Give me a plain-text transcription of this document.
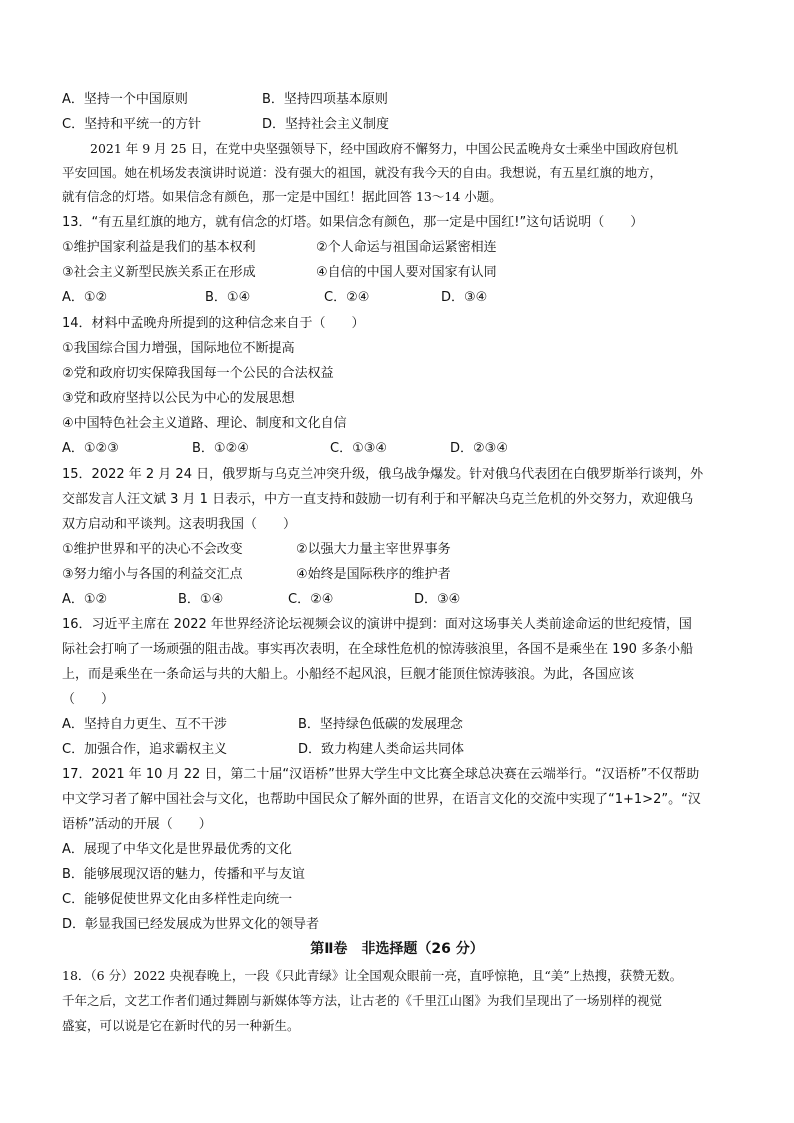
A．坚持一个中国原则	B．坚持四项基本原则
C．坚持和平统一的方针	D．坚持社会主义制度
2021 年 9 月 25 日，在党中央坚强领导下，经中国政府不懈努力，中国公民孟晚舟女士乘坐中国政府包机
平安回国。她在机场发表演讲时说道：没有强大的祖国，就没有我今天的自由。我想说，有五星红旗的地方，
就有信念的灯塔。如果信念有颜色，那一定是中国红！据此回答 13～14 小题。
13．“有五星红旗的地方，就有信念的灯塔。如果信念有颜色，那一定是中国红!”这句话说明（　　）
①维护国家利益是我们的基本权利	②个人命运与祖国命运紧密相连
③社会主义新型民族关系正在形成	④自信的中国人要对国家有认同
A．①②	B．①④	C．②④	D．③④
14．材料中孟晚舟所提到的这种信念来自于（　　）
①我国综合国力增强，国际地位不断提高
②党和政府切实保障我国每一个公民的合法权益
③党和政府坚持以公民为中心的发展思想
④中国特色社会主义道路、理论、制度和文化自信
A．①②③	B．①②④	C．①③④	D．②③④
15．2022 年 2 月 24 日，俄罗斯与乌克兰冲突升级，俄乌战争爆发。针对俄乌代表团在白俄罗斯举行谈判，外
交部发言人汪文斌 3 月 1 日表示，中方一直支持和鼓励一切有利于和平解决乌克兰危机的外交努力，欢迎俄乌
双方启动和平谈判。这表明我国（　　）
①维护世界和平的决心不会改变	②以强大力量主宰世界事务
③努力缩小与各国的利益交汇点	④始终是国际秩序的维护者
A．①②	B．①④	C．②④	D．③④
16．习近平主席在 2022 年世界经济论坛视频会议的演讲中提到：面对这场事关人类前途命运的世纪疫情，国
际社会打响了一场顽强的阻击战。事实再次表明，在全球性危机的惊涛骇浪里，各国不是乘坐在 190 多条小船
上，而是乘坐在一条命运与共的大船上。小船经不起风浪，巨舰才能顶住惊涛骇浪。为此，各国应该
（　　）
A．坚持自力更生、互不干涉	B．坚持绿色低碳的发展理念
C．加强合作，追求霸权主义	D．致力构建人类命运共同体
17．2021 年 10 月 22 日，第二十届“汉语桥”世界大学生中文比赛全球总决赛在云端举行。“汉语桥”不仅帮助
中文学习者了解中国社会与文化，也帮助中国民众了解外面的世界，在语言文化的交流中实现了“1+1>2”。“汉
语桥”活动的开展（　　）
A．展现了中华文化是世界最优秀的文化
B．能够展现汉语的魅力，传播和平与友谊
C．能够促使世界文化由多样性走向统一
D．彰显我国已经发展成为世界文化的领导者
第Ⅱ卷　非选择题（26 分）
18．（6 分）2022 央视春晚上，一段《只此青绿》让全国观众眼前一亮，直呼惊艳，且“美”上热搜，获赞无数。
千年之后，文艺工作者们通过舞剧与新媒体等方法，让古老的《千里江山图》为我们呈现出了一场别样的视觉
盛宴，可以说是它在新时代的另一种新生。
